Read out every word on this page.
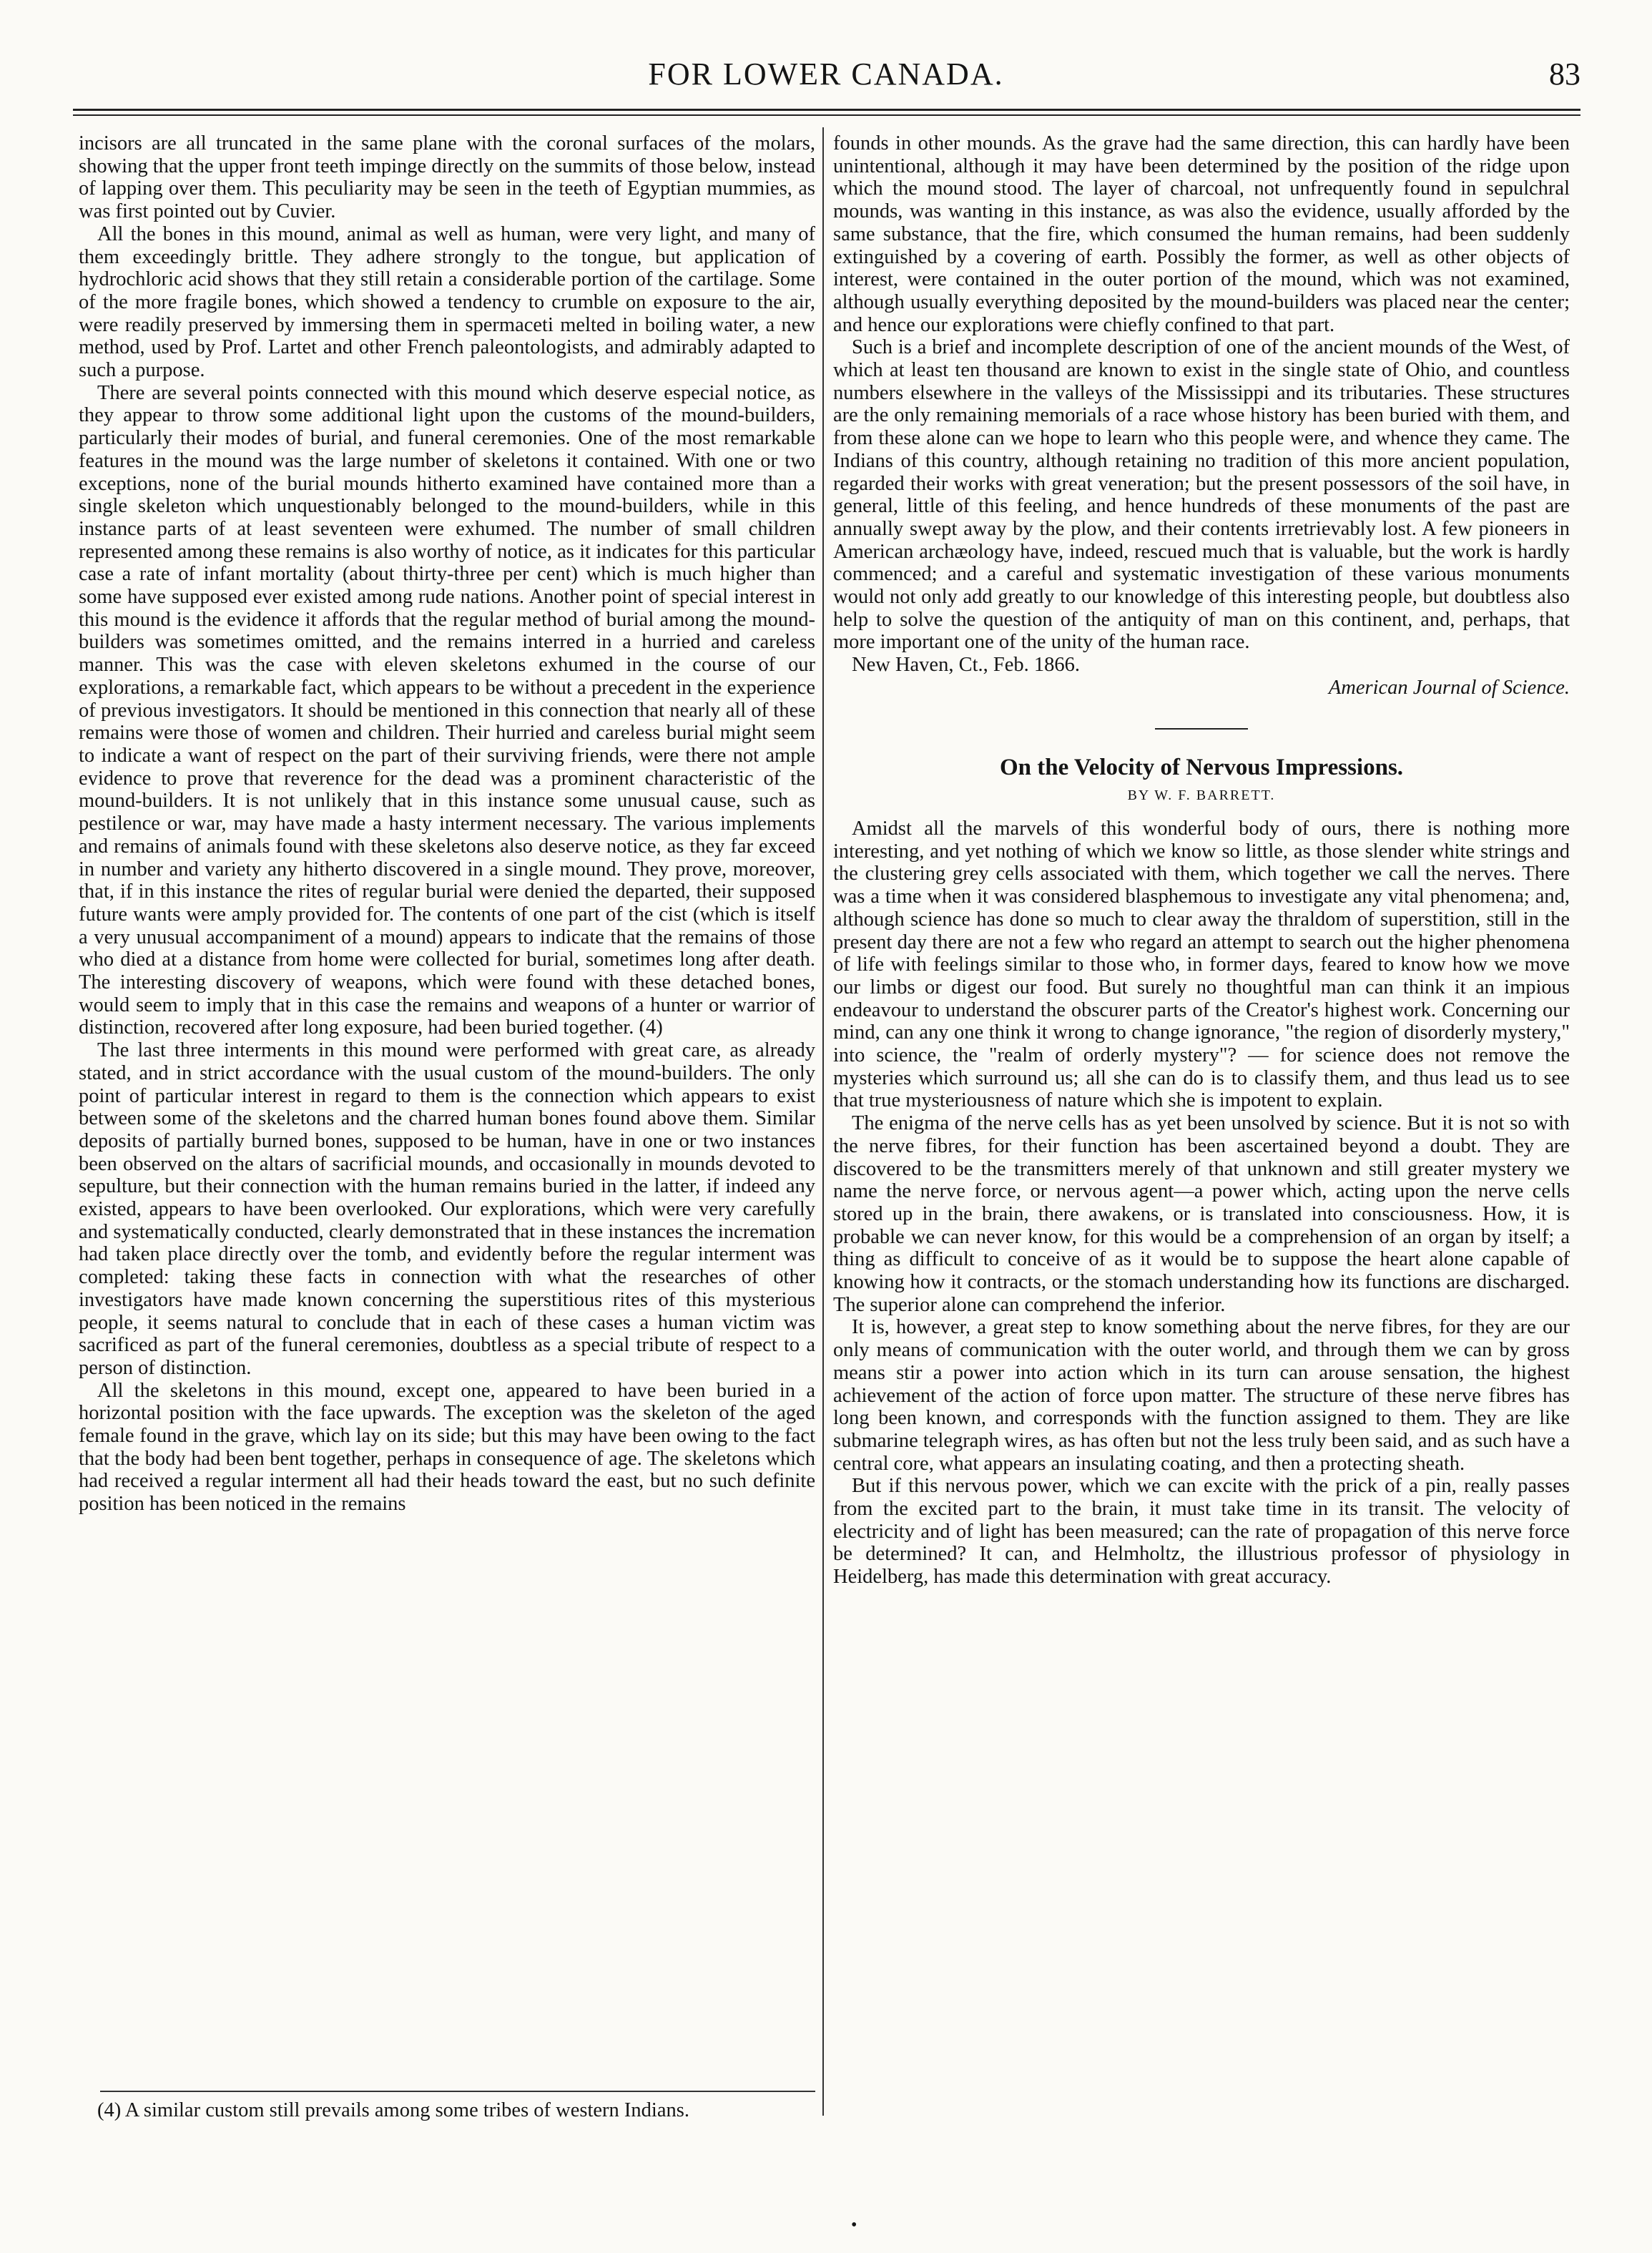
FOR LOWER CANADA.	83

incisors are all truncated in the same plane with the coronal surfaces of the molars, showing that the upper front teeth impinge directly on the summits of those below, instead of lapping over them. This peculiarity may be seen in the teeth of Egyptian mummies, as was first pointed out by Cuvier.

All the bones in this mound, animal as well as human, were very light, and many of them exceedingly brittle. They adhere strongly to the tongue, but application of hydrochloric acid shows that they still retain a considerable portion of the cartilage. Some of the more fragile bones, which showed a tendency to crumble on exposure to the air, were readily preserved by immersing them in spermaceti melted in boiling water, a new method, used by Prof. Lartet and other French paleontologists, and admirably adapted to such a purpose.

There are several points connected with this mound which deserve especial notice, as they appear to throw some additional light upon the customs of the mound-builders, particularly their modes of burial, and funeral ceremonies. One of the most remarkable features in the mound was the large number of skeletons it contained. With one or two exceptions, none of the burial mounds hitherto examined have contained more than a single skeleton which unquestionably belonged to the mound-builders, while in this instance parts of at least seventeen were exhumed. The number of small children represented among these remains is also worthy of notice, as it indicates for this particular case a rate of infant mortality (about thirty-three per cent) which is much higher than some have supposed ever existed among rude nations. Another point of special interest in this mound is the evidence it affords that the regular method of burial among the mound-builders was sometimes omitted, and the remains interred in a hurried and careless manner. This was the case with eleven skeletons exhumed in the course of our explorations, a remarkable fact, which appears to be without a precedent in the experience of previous investigators. It should be mentioned in this connection that nearly all of these remains were those of women and children. Their hurried and careless burial might seem to indicate a want of respect on the part of their surviving friends, were there not ample evidence to prove that reverence for the dead was a prominent characteristic of the mound-builders. It is not unlikely that in this instance some unusual cause, such as pestilence or war, may have made a hasty interment necessary. The various implements and remains of animals found with these skeletons also deserve notice, as they far exceed in number and variety any hitherto discovered in a single mound. They prove, moreover, that, if in this instance the rites of regular burial were denied the departed, their supposed future wants were amply provided for. The contents of one part of the cist (which is itself a very unusual accompaniment of a mound) appears to indicate that the remains of those who died at a distance from home were collected for burial, sometimes long after death. The interesting discovery of weapons, which were found with these detached bones, would seem to imply that in this case the remains and weapons of a hunter or warrior of distinction, recovered after long exposure, had been buried together. (4)

The last three interments in this mound were performed with great care, as already stated, and in strict accordance with the usual custom of the mound-builders. The only point of particular interest in regard to them is the connection which appears to exist between some of the skeletons and the charred human bones found above them. Similar deposits of partially burned bones, supposed to be human, have in one or two instances been observed on the altars of sacrificial mounds, and occasionally in mounds devoted to sepulture, but their connection with the human remains buried in the latter, if indeed any existed, appears to have been overlooked. Our explorations, which were very carefully and systematically conducted, clearly demonstrated that in these instances the incremation had taken place directly over the tomb, and evidently before the regular interment was completed: taking these facts in connection with what the researches of other investigators have made known concerning the superstitious rites of this mysterious people, it seems natural to conclude that in each of these cases a human victim was sacrificed as part of the funeral ceremonies, doubtless as a special tribute of respect to a person of distinction.

All the skeletons in this mound, except one, appeared to have been buried in a horizontal position with the face upwards. The exception was the skeleton of the aged female found in the grave, which lay on its side; but this may have been owing to the fact that the body had been bent together, perhaps in consequence of age. The skeletons which had received a regular interment all had their heads toward the east, but no such definite position has been noticed in the remains

founds in other mounds. As the grave had the same direction, this can hardly have been unintentional, although it may have been determined by the position of the ridge upon which the mound stood. The layer of charcoal, not unfrequently found in sepulchral mounds, was wanting in this instance, as was also the evidence, usually afforded by the same substance, that the fire, which consumed the human remains, had been suddenly extinguished by a covering of earth. Possibly the former, as well as other objects of interest, were contained in the outer portion of the mound, which was not examined, although usually everything deposited by the mound-builders was placed near the center; and hence our explorations were chiefly confined to that part.

Such is a brief and incomplete description of one of the ancient mounds of the West, of which at least ten thousand are known to exist in the single state of Ohio, and countless numbers elsewhere in the valleys of the Mississippi and its tributaries. These structures are the only remaining memorials of a race whose history has been buried with them, and from these alone can we hope to learn who this people were, and whence they came. The Indians of this country, although retaining no tradition of this more ancient population, regarded their works with great veneration; but the present possessors of the soil have, in general, little of this feeling, and hence hundreds of these monuments of the past are annually swept away by the plow, and their contents irretrievably lost. A few pioneers in American archæology have, indeed, rescued much that is valuable, but the work is hardly commenced; and a careful and systematic investigation of these various monuments would not only add greatly to our knowledge of this interesting people, but doubtless also help to solve the question of the antiquity of man on this continent, and, perhaps, that more important one of the unity of the human race.

New Haven, Ct., Feb. 1866.

American Journal of Science.

On the Velocity of Nervous Impressions.
BY W. F. BARRETT.

Amidst all the marvels of this wonderful body of ours, there is nothing more interesting, and yet nothing of which we know so little, as those slender white strings and the clustering grey cells associated with them, which together we call the nerves. There was a time when it was considered blasphemous to investigate any vital phenomena; and, although science has done so much to clear away the thraldom of superstition, still in the present day there are not a few who regard an attempt to search out the higher phenomena of life with feelings similar to those who, in former days, feared to know how we move our limbs or digest our food. But surely no thoughtful man can think it an impious endeavour to understand the obscurer parts of the Creator's highest work. Concerning our mind, can any one think it wrong to change ignorance, "the region of disorderly mystery," into science, the "realm of orderly mystery"? — for science does not remove the mysteries which surround us; all she can do is to classify them, and thus lead us to see that true mysteriousness of nature which she is impotent to explain.

The enigma of the nerve cells has as yet been unsolved by science. But it is not so with the nerve fibres, for their function has been ascertained beyond a doubt. They are discovered to be the transmitters merely of that unknown and still greater mystery we name the nerve force, or nervous agent—a power which, acting upon the nerve cells stored up in the brain, there awakens, or is translated into consciousness. How, it is probable we can never know, for this would be a comprehension of an organ by itself; a thing as difficult to conceive of as it would be to suppose the heart alone capable of knowing how it contracts, or the stomach understanding how its functions are discharged. The superior alone can comprehend the inferior.

It is, however, a great step to know something about the nerve fibres, for they are our only means of communication with the outer world, and through them we can by gross means stir a power into action which in its turn can arouse sensation, the highest achievement of the action of force upon matter. The structure of these nerve fibres has long been known, and corresponds with the function assigned to them. They are like submarine telegraph wires, as has often but not the less truly been said, and as such have a central core, what appears an insulating coating, and then a protecting sheath.

But if this nervous power, which we can excite with the prick of a pin, really passes from the excited part to the brain, it must take time in its transit. The velocity of electricity and of light has been measured; can the rate of propagation of this nerve force be determined? It can, and Helmholtz, the illustrious professor of physiology in Heidelberg, has made this determination with great accuracy.

(4) A similar custom still prevails among some tribes of western Indians.

•
